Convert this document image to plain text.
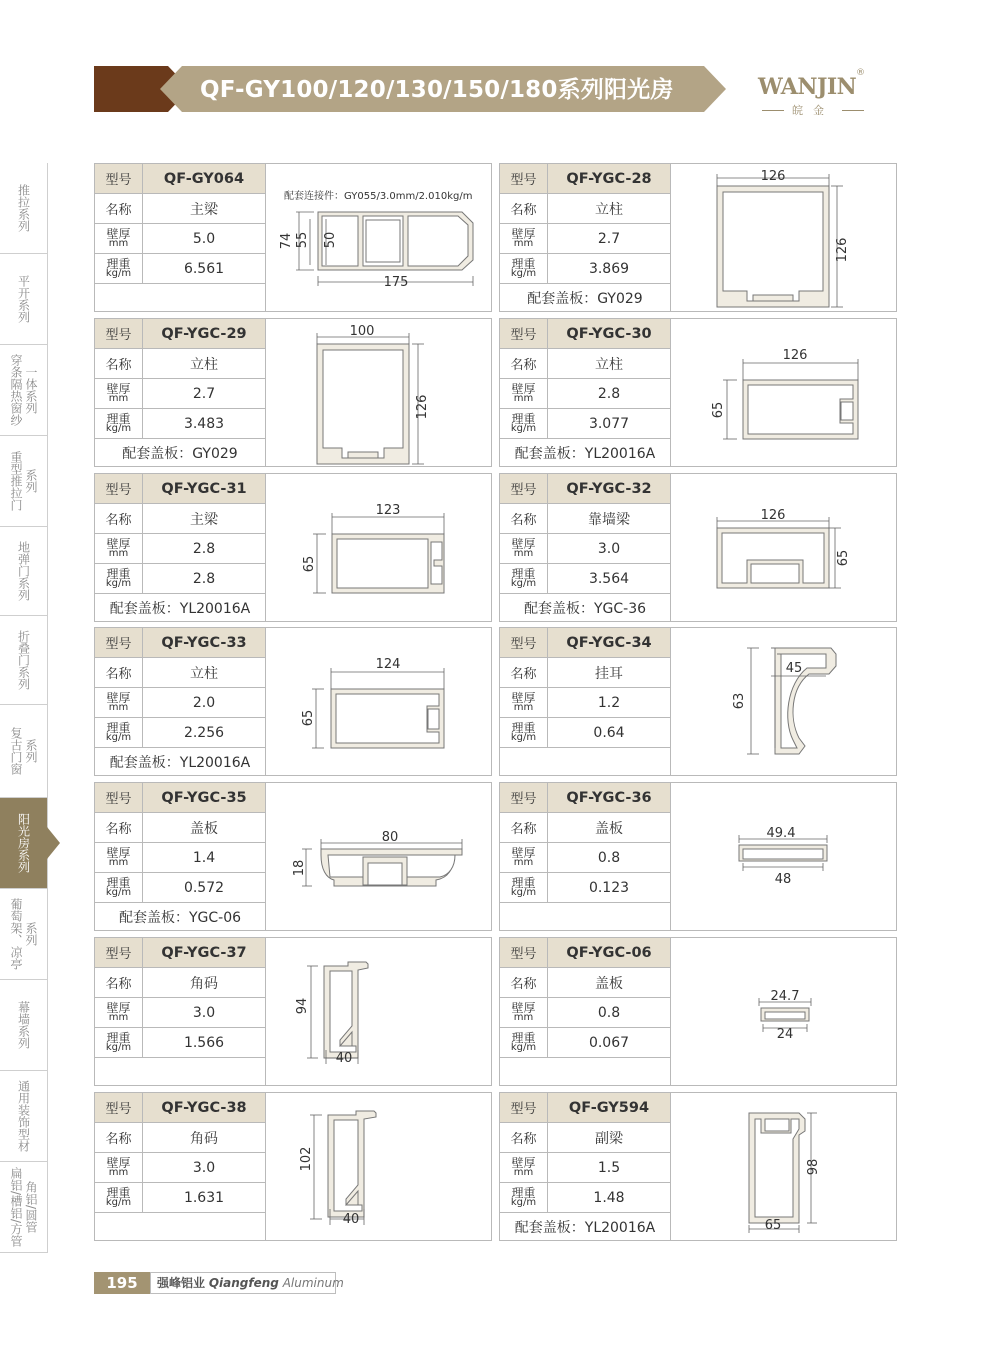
QF-GY100/120/130/150/180系列阳光房	WANJIN
®
皖金
推拉系列
平开系列
穿条隔热窗纱 一体系列
重型推拉门 系列
地弹门系列
折叠门系列
复古门窗 系列
阳光房系列
葡萄架、凉亭 系列
幕墙系列
通用装饰型材
扁铝/槽铝/方管 角铝/圆管
型号	QF-GY064
名称	主梁
壁厚
mm	5.0
理重
kg/m	6.561
配套连接件：GY055/3.0mm/2.010kg/m
74 55 50
175
型号	QF-YGC-28
名称	立柱
壁厚
mm	2.7
理重
kg/m	3.869
配套盖板：GY029
126
126
型号	QF-YGC-29
名称	立柱
壁厚
mm	2.7
理重
kg/m	3.483
配套盖板：GY029
100
126
型号	QF-YGC-30
名称	立柱
壁厚
mm	2.8
理重
kg/m	3.077
配套盖板：YL20016A
126
65
型号	QF-YGC-31
名称	主梁
壁厚
mm	2.8
理重
kg/m	2.8
配套盖板：YL20016A
123
65
型号	QF-YGC-32
名称	靠墙梁
壁厚
mm	3.0
理重
kg/m	3.564
配套盖板：YGC-36
126
65
型号	QF-YGC-33
名称	立柱
壁厚
mm	2.0
理重
kg/m	2.256
配套盖板：YL20016A
124
65
型号	QF-YGC-34
名称	挂耳
壁厚
mm	1.2
理重
kg/m	0.64
45
63
型号	QF-YGC-35
名称	盖板
壁厚
mm	1.4
理重
kg/m	0.572
配套盖板：YGC-06
80
18
型号	QF-YGC-36
名称	盖板
壁厚
mm	0.8
理重
kg/m	0.123
49.4
48
型号	QF-YGC-37
名称	角码
壁厚
mm	3.0
理重
kg/m	1.566
94
40
型号	QF-YGC-06
名称	盖板
壁厚
mm	0.8
理重
kg/m	0.067
24.7
24
型号	QF-YGC-38
名称	角码
壁厚
mm	3.0
理重
kg/m	1.631
102
40
型号	QF-GY594
名称	副梁
壁厚
mm	1.5
理重
kg/m	1.48
配套盖板：YL20016A
98
65
195	强峰铝业 Qiangfeng Aluminum
